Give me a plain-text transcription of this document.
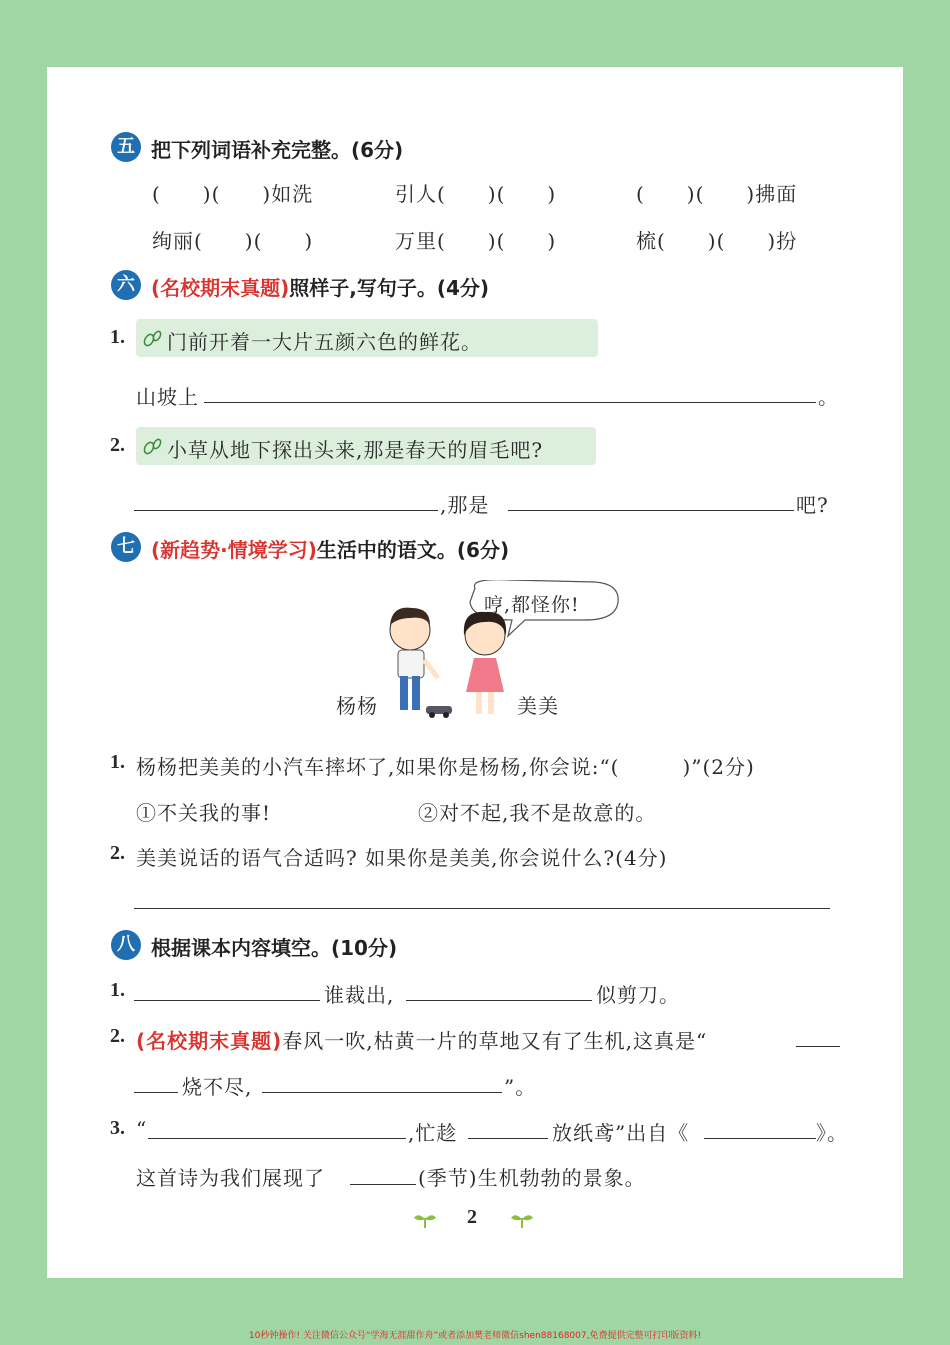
五 把下列词语补充完整。(6分)
(　　)(　　)如洗	引人(　　)(　　)	(　　)(　　)拂面
绚丽(　　)(　　)	万里(　　)(　　)	梳(　　)(　　)扮
六 (名校期末真题)照样子,写句子。(4分)
1. 门前开着一大片五颜六色的鲜花。
山坡上	。
2. 小草从地下探出头来,那是春天的眉毛吧?
,那是	吧?
七 (新趋势·情境学习)生活中的语文。(6分)
杨杨	美美
哼,都怪你!
1. 杨杨把美美的小汽车摔坏了,如果你是杨杨,你会说:“(　　　)”(2分)
①不关我的事!	②对不起,我不是故意的。
2. 美美说话的语气合适吗? 如果你是美美,你会说什么?(4分)
八 根据课本内容填空。(10分)
1.	谁裁出,	似剪刀。
2. (名校期末真题)春风一吹,枯黄一片的草地又有了生机,这真是“
烧不尽,	”。
3. “	,忙趁	放纸鸢”出自《	》。
这首诗为我们展现了	(季节)生机勃勃的景象。
2
10秒钟操作! 关注微信公众号“学海无涯甜作舟”或者添加樊老师微信shen88168007,免费提供完整可打印版资料!
